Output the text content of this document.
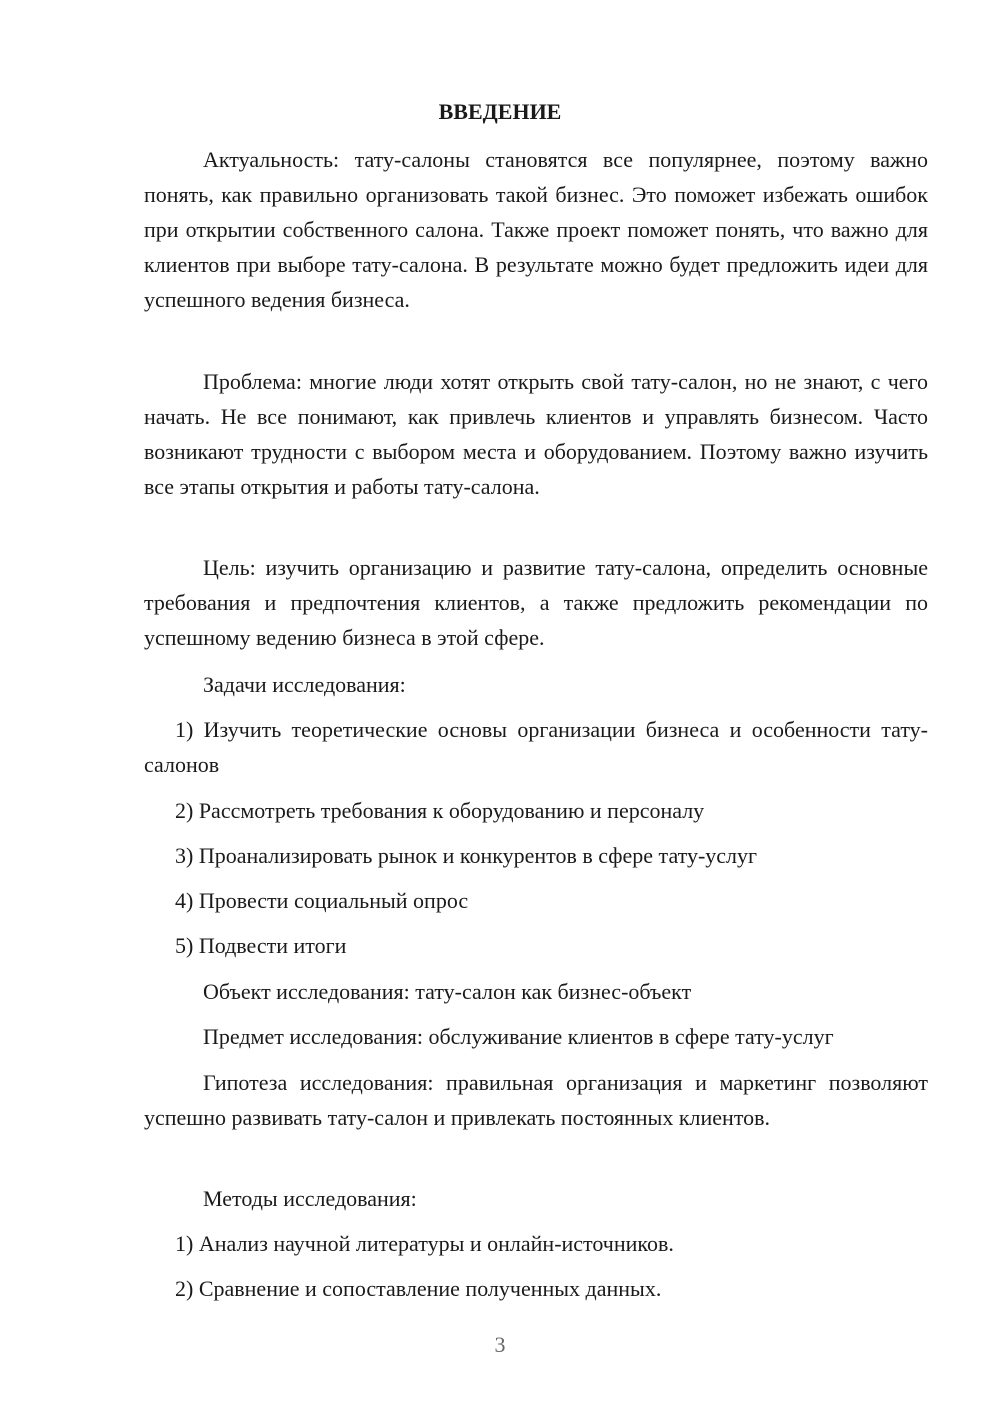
ВВЕДЕНИЕ

Актуальность: тату-салоны становятся все популярнее, поэтому важно понять, как правильно организовать такой бизнес. Это поможет избежать ошибок при открытии собственного салона. Также проект поможет понять, что важно для клиентов при выборе тату-салона. В результате можно будет предложить идеи для успешного ведения бизнеса.

Проблема: многие люди хотят открыть свой тату-салон, но не знают, с чего начать. Не все понимают, как привлечь клиентов и управлять бизнесом. Часто возникают трудности с выбором места и оборудованием. Поэтому важно изучить все этапы открытия и работы тату-салона.

Цель: изучить организацию и развитие тату-салона, определить основные требования и предпочтения клиентов, а также предложить рекомендации по успешному ведению бизнеса в этой сфере.

Задачи исследования:

1) Изучить теоретические основы организации бизнеса и особенности тату-салонов

2) Рассмотреть требования к оборудованию и персоналу

3) Проанализировать рынок и конкурентов в сфере тату-услуг

4) Провести социальный опрос

5) Подвести итоги

Объект исследования: тату-салон как бизнес-объект

Предмет исследования: обслуживание клиентов в сфере тату-услуг

Гипотеза исследования: правильная организация и маркетинг позволяют успешно развивать тату-салон и привлекать постоянных клиентов.

Методы исследования:

1) Анализ научной литературы и онлайн-источников.

2) Сравнение и сопоставление полученных данных.

3
